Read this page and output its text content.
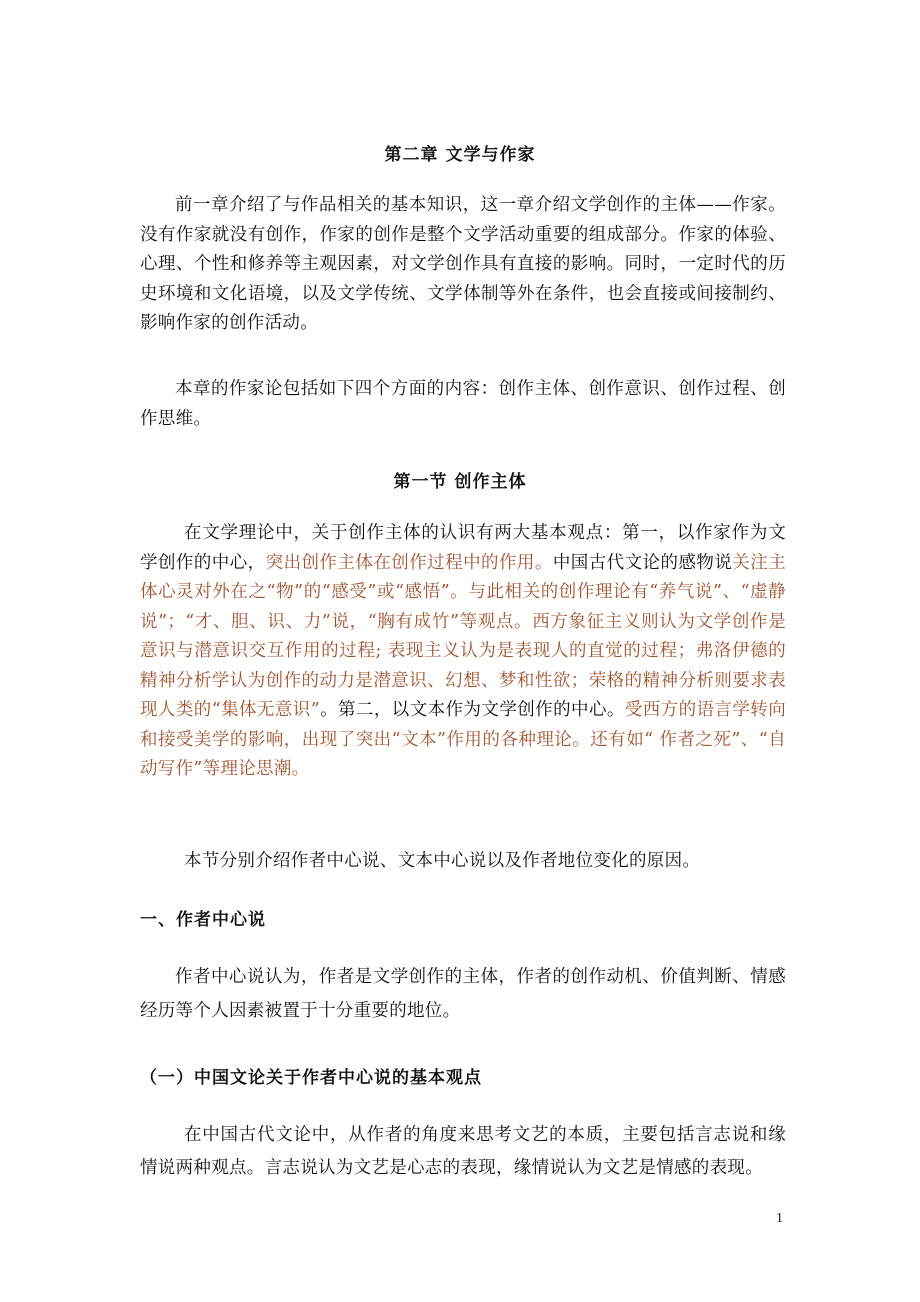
第二章 文学与作家

前一章介绍了与作品相关的基本知识，这一章介绍文学创作的主体——作家。没有作家就没有创作，作家的创作是整个文学活动重要的组成部分。作家的体验、心理、个性和修养等主观因素，对文学创作具有直接的影响。同时，一定时代的历史环境和文化语境，以及文学传统、文学体制等外在条件，也会直接或间接制约、影响作家的创作活动。

本章的作家论包括如下四个方面的内容：创作主体、创作意识、创作过程、创作思维。

第一节 创作主体

在文学理论中，关于创作主体的认识有两大基本观点：第一，以作家作为文学创作的中心，突出创作主体在创作过程中的作用。中国古代文论的感物说关注主体心灵对外在之“物”的“感受”或“感悟”。与此相关的创作理论有“养气说”、“虚静说”；“才、胆、识、力”说，“胸有成竹”等观点。西方象征主义则认为文学创作是意识与潜意识交互作用的过程; 表现主义认为是表现人的直觉的过程；弗洛伊德的精神分析学认为创作的动力是潜意识、幻想、梦和性欲；荣格的精神分析则要求表现人类的“集体无意识”。第二，以文本作为文学创作的中心。受西方的语言学转向和接受美学的影响，出现了突出“文本”作用的各种理论。还有如“ 作者之死”、“自动写作”等理论思潮。

本节分别介绍作者中心说、文本中心说以及作者地位变化的原因。

一、作者中心说

作者中心说认为，作者是文学创作的主体，作者的创作动机、价值判断、情感经历等个人因素被置于十分重要的地位。

（一）中国文论关于作者中心说的基本观点

在中国古代文论中，从作者的角度来思考文艺的本质，主要包括言志说和缘情说两种观点。言志说认为文艺是心志的表现，缘情说认为文艺是情感的表现。

1
